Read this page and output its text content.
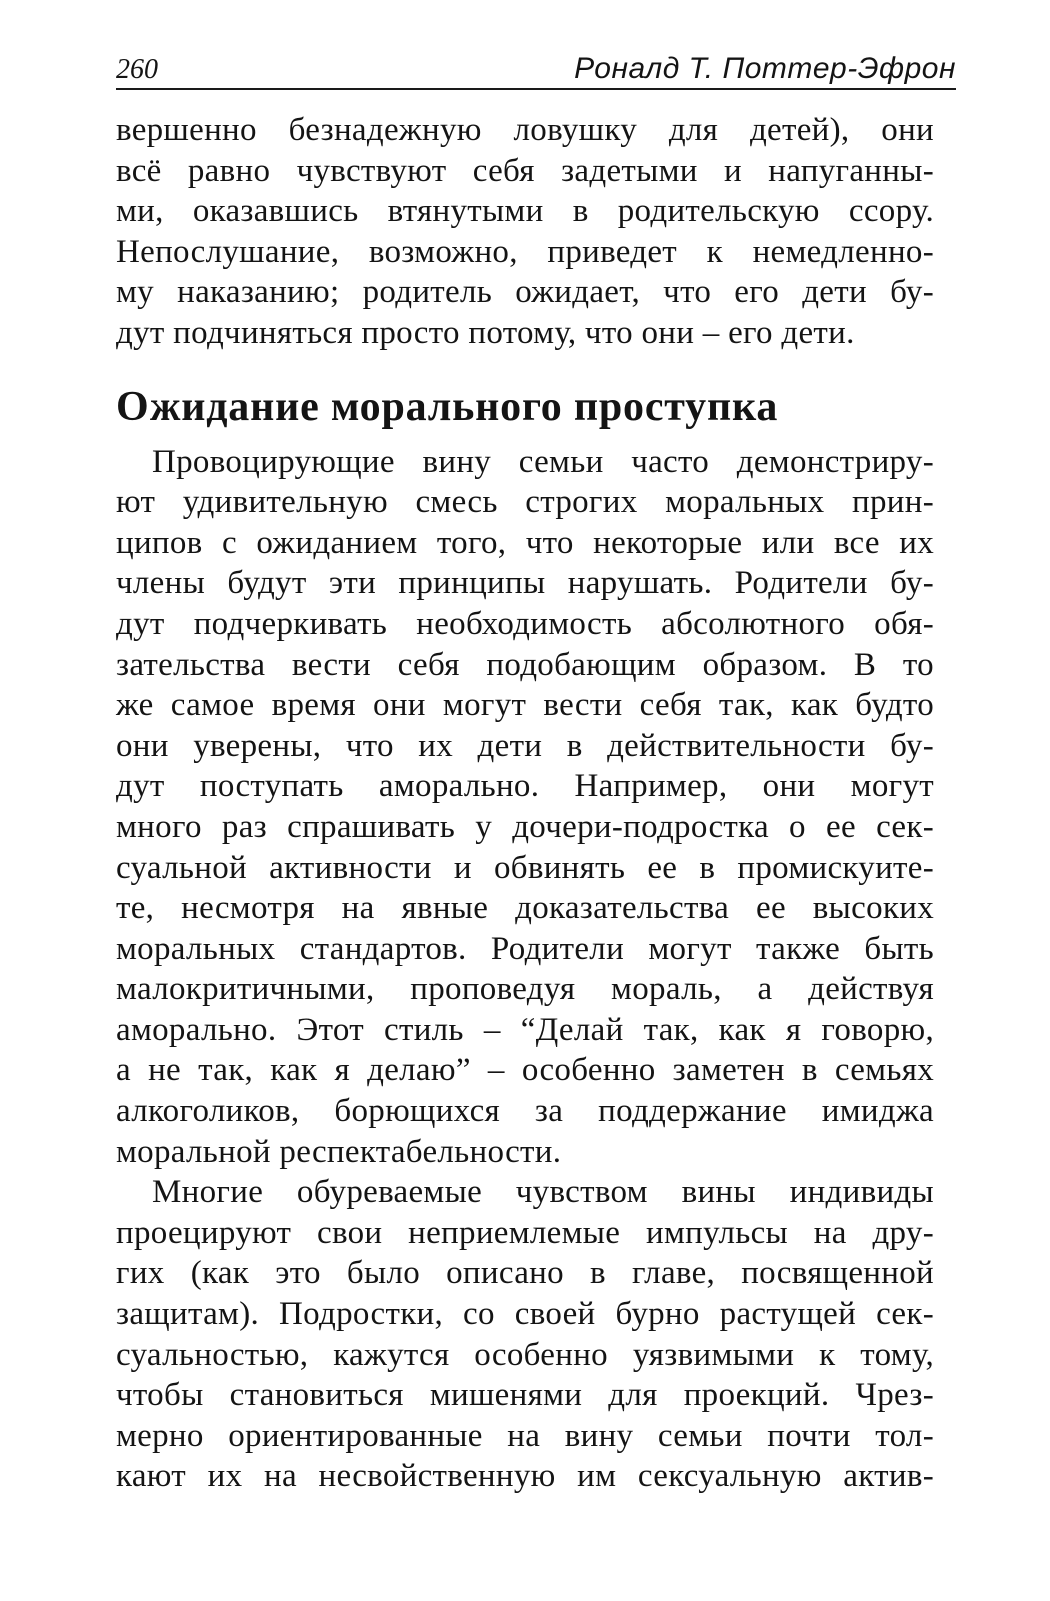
260	Роналд Т. Поттер-Эфрон
вершенно безнадежную ловушку для детей), они
всё равно чувствуют себя задетыми и напуганны-
ми, оказавшись втянутыми в родительскую ссору.
Непослушание, возможно, приведет к немедленно-
му наказанию; родитель ожидает, что его дети бу-
дут подчиняться просто потому, что они – его дети.
Ожидание морального проступка
Провоцирующие вину семьи часто демонстриру-
ют удивительную смесь строгих моральных прин-
ципов с ожиданием того, что некоторые или все их
члены будут эти принципы нарушать. Родители бу-
дут подчеркивать необходимость абсолютного обя-
зательства вести себя подобающим образом. В то
же самое время они могут вести себя так, как будто
они уверены, что их дети в действительности бу-
дут поступать аморально. Например, они могут
много раз спрашивать у дочери-подростка о ее сек-
суальной активности и обвинять ее в промискуите-
те, несмотря на явные доказательства ее высоких
моральных стандартов. Родители могут также быть
малокритичными, проповедуя мораль, а действуя
аморально. Этот стиль – “Делай так, как я говорю,
а не так, как я делаю” – особенно заметен в семьях
алкоголиков, борющихся за поддержание имиджа
моральной респектабельности.
Многие обуреваемые чувством вины индивиды
проецируют свои неприемлемые импульсы на дру-
гих (как это было описано в главе, посвященной
защитам). Подростки, со своей бурно растущей сек-
суальностью, кажутся особенно уязвимыми к тому,
чтобы становиться мишенями для проекций. Чрез-
мерно ориентированные на вину семьи почти тол-
кают их на несвойственную им сексуальную актив-
